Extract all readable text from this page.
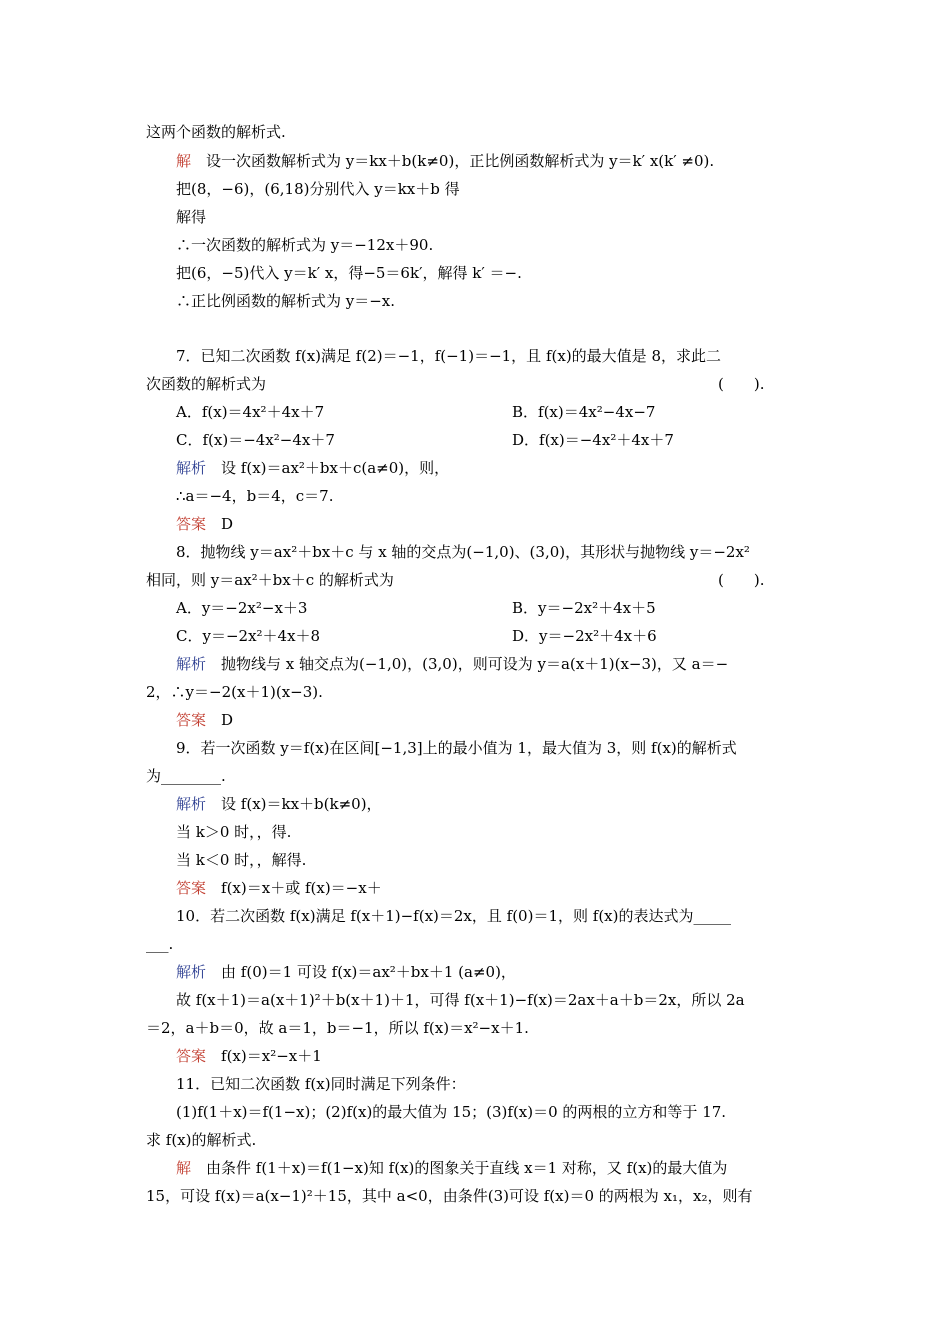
这两个函数的解析式.
解　设一次函数解析式为 y＝kx＋b(k≠0)，正比例函数解析式为 y＝k′ x(k′ ≠0).
把(8，−6)，(6,18)分别代入 y＝kx＋b 得
解得
∴一次函数的解析式为 y＝−12x＋90.
把(6，−5)代入 y＝k′ x，得−5＝6k′，解得 k′ ＝−.
∴正比例函数的解析式为 y＝−x.
7．已知二次函数 f(x)满足 f(2)＝−1，f(−1)＝−1，且 f(x)的最大值是 8，求此二
次函数的解析式为	(　　).
A．f(x)＝4x²＋4x＋7	B．f(x)＝4x²−4x−7
C．f(x)＝−4x²−4x＋7	D．f(x)＝−4x²＋4x＋7
解析　设 f(x)＝ax²＋bx＋c(a≠0)，则，
∴a＝−4，b＝4，c＝7.
答案　D
8．抛物线 y＝ax²＋bx＋c 与 x 轴的交点为(−1,0)、(3,0)，其形状与抛物线 y＝−2x²
相同，则 y＝ax²＋bx＋c 的解析式为	(　　).
A．y＝−2x²−x＋3	B．y＝−2x²＋4x＋5
C．y＝−2x²＋4x＋8	D．y＝−2x²＋4x＋6
解析　抛物线与 x 轴交点为(−1,0)，(3,0)，则可设为 y＝a(x＋1)(x−3)，又 a＝−
2，∴y＝−2(x＋1)(x−3).
答案　D
9．若一次函数 y＝f(x)在区间[−1,3]上的最小值为 1，最大值为 3，则 f(x)的解析式
为________.
解析　设 f(x)＝kx＋b(k≠0)，
当 k＞0 时，，得.
当 k＜0 时，，解得.
答案　f(x)＝x＋或 f(x)＝−x＋
10．若二次函数 f(x)满足 f(x＋1)−f(x)＝2x，且 f(0)＝1，则 f(x)的表达式为_____
___.
解析　由 f(0)＝1 可设 f(x)＝ax²＋bx＋1 (a≠0)，
故 f(x＋1)＝a(x＋1)²＋b(x＋1)＋1，可得 f(x＋1)−f(x)＝2ax＋a＋b＝2x，所以 2a
＝2，a＋b＝0，故 a＝1，b＝−1，所以 f(x)＝x²−x＋1.
答案　f(x)＝x²−x＋1
11．已知二次函数 f(x)同时满足下列条件：
(1)f(1＋x)＝f(1−x)；(2)f(x)的最大值为 15；(3)f(x)＝0 的两根的立方和等于 17.
求 f(x)的解析式.
解　由条件 f(1＋x)＝f(1−x)知 f(x)的图象关于直线 x＝1 对称，又 f(x)的最大值为
15，可设 f(x)＝a(x−1)²＋15，其中 a<0，由条件(3)可设 f(x)＝0 的两根为 x₁，x₂，则有
